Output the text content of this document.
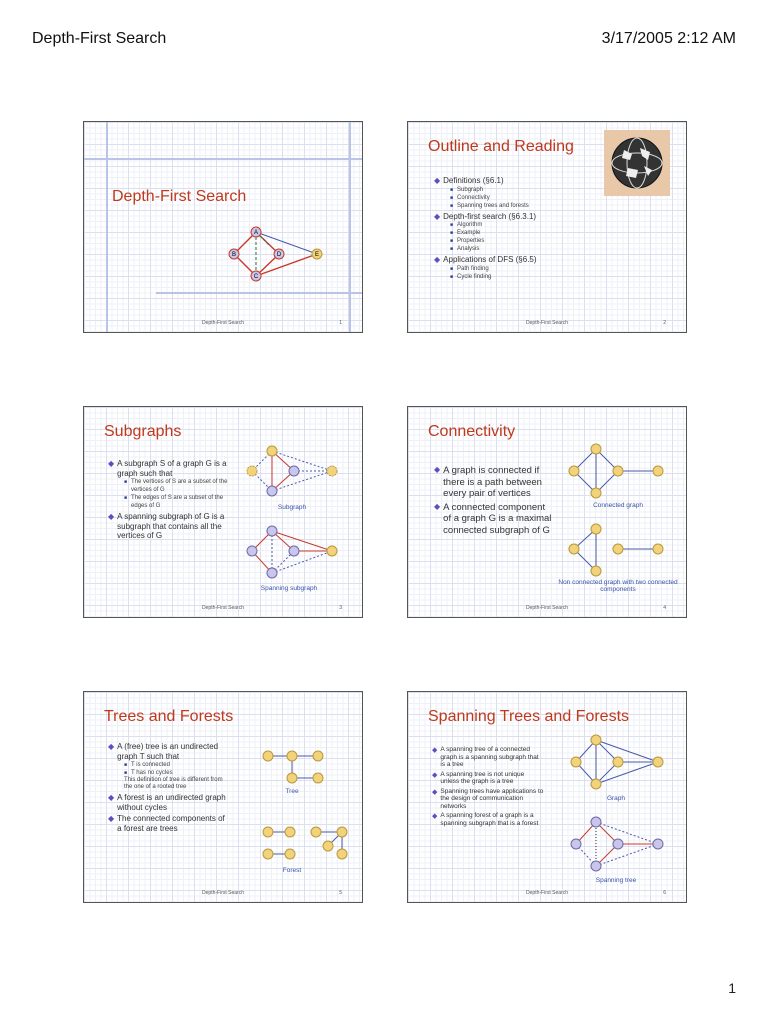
Depth-First Search	3/17/2005 2:12 AM
Depth-First Search
A
B	D	E
C
Depth-First Search	1
Outline and Reading
◆ Definitions (§6.1)
■ Subgraph
■ Connectivity
■ Spanning trees and forests
◆ Depth-first search (§6.3.1)
■ Algorithm
■ Example
■ Properties
■ Analysis
◆ Applications of DFS (§6.5)
■ Path finding
■ Cycle finding
Depth-First Search	2
Subgraphs
◆ A subgraph S of a graph G is a graph such that
■ The vertices of S are a subset of the vertices of G
■ The edges of S are a subset of the edges of G
◆ A spanning subgraph of G is a subgraph that contains all the vertices of G
Subgraph
Spanning subgraph
Depth-First Search	3
Connectivity
◆ A graph is connected if there is a path between every pair of vertices
◆ A connected component of a graph G is a maximal connected subgraph of G
Connected graph
Non connected graph with two connected components
Depth-First Search	4
Trees and Forests
◆ A (free) tree is an undirected graph T such that
■ T is connected
■ T has no cycles
This definition of tree is different from the one of a rooted tree
◆ A forest is an undirected graph without cycles
◆ The connected components of a forest are trees
Tree
Forest
Depth-First Search	5
Spanning Trees and Forests
◆ A spanning tree of a connected graph is a spanning subgraph that is a tree
◆ A spanning tree is not unique unless the graph is a tree
◆ Spanning trees have applications to the design of communication networks
◆ A spanning forest of a graph is a spanning subgraph that is a forest
Graph
Spanning tree
Depth-First Search	6
1
